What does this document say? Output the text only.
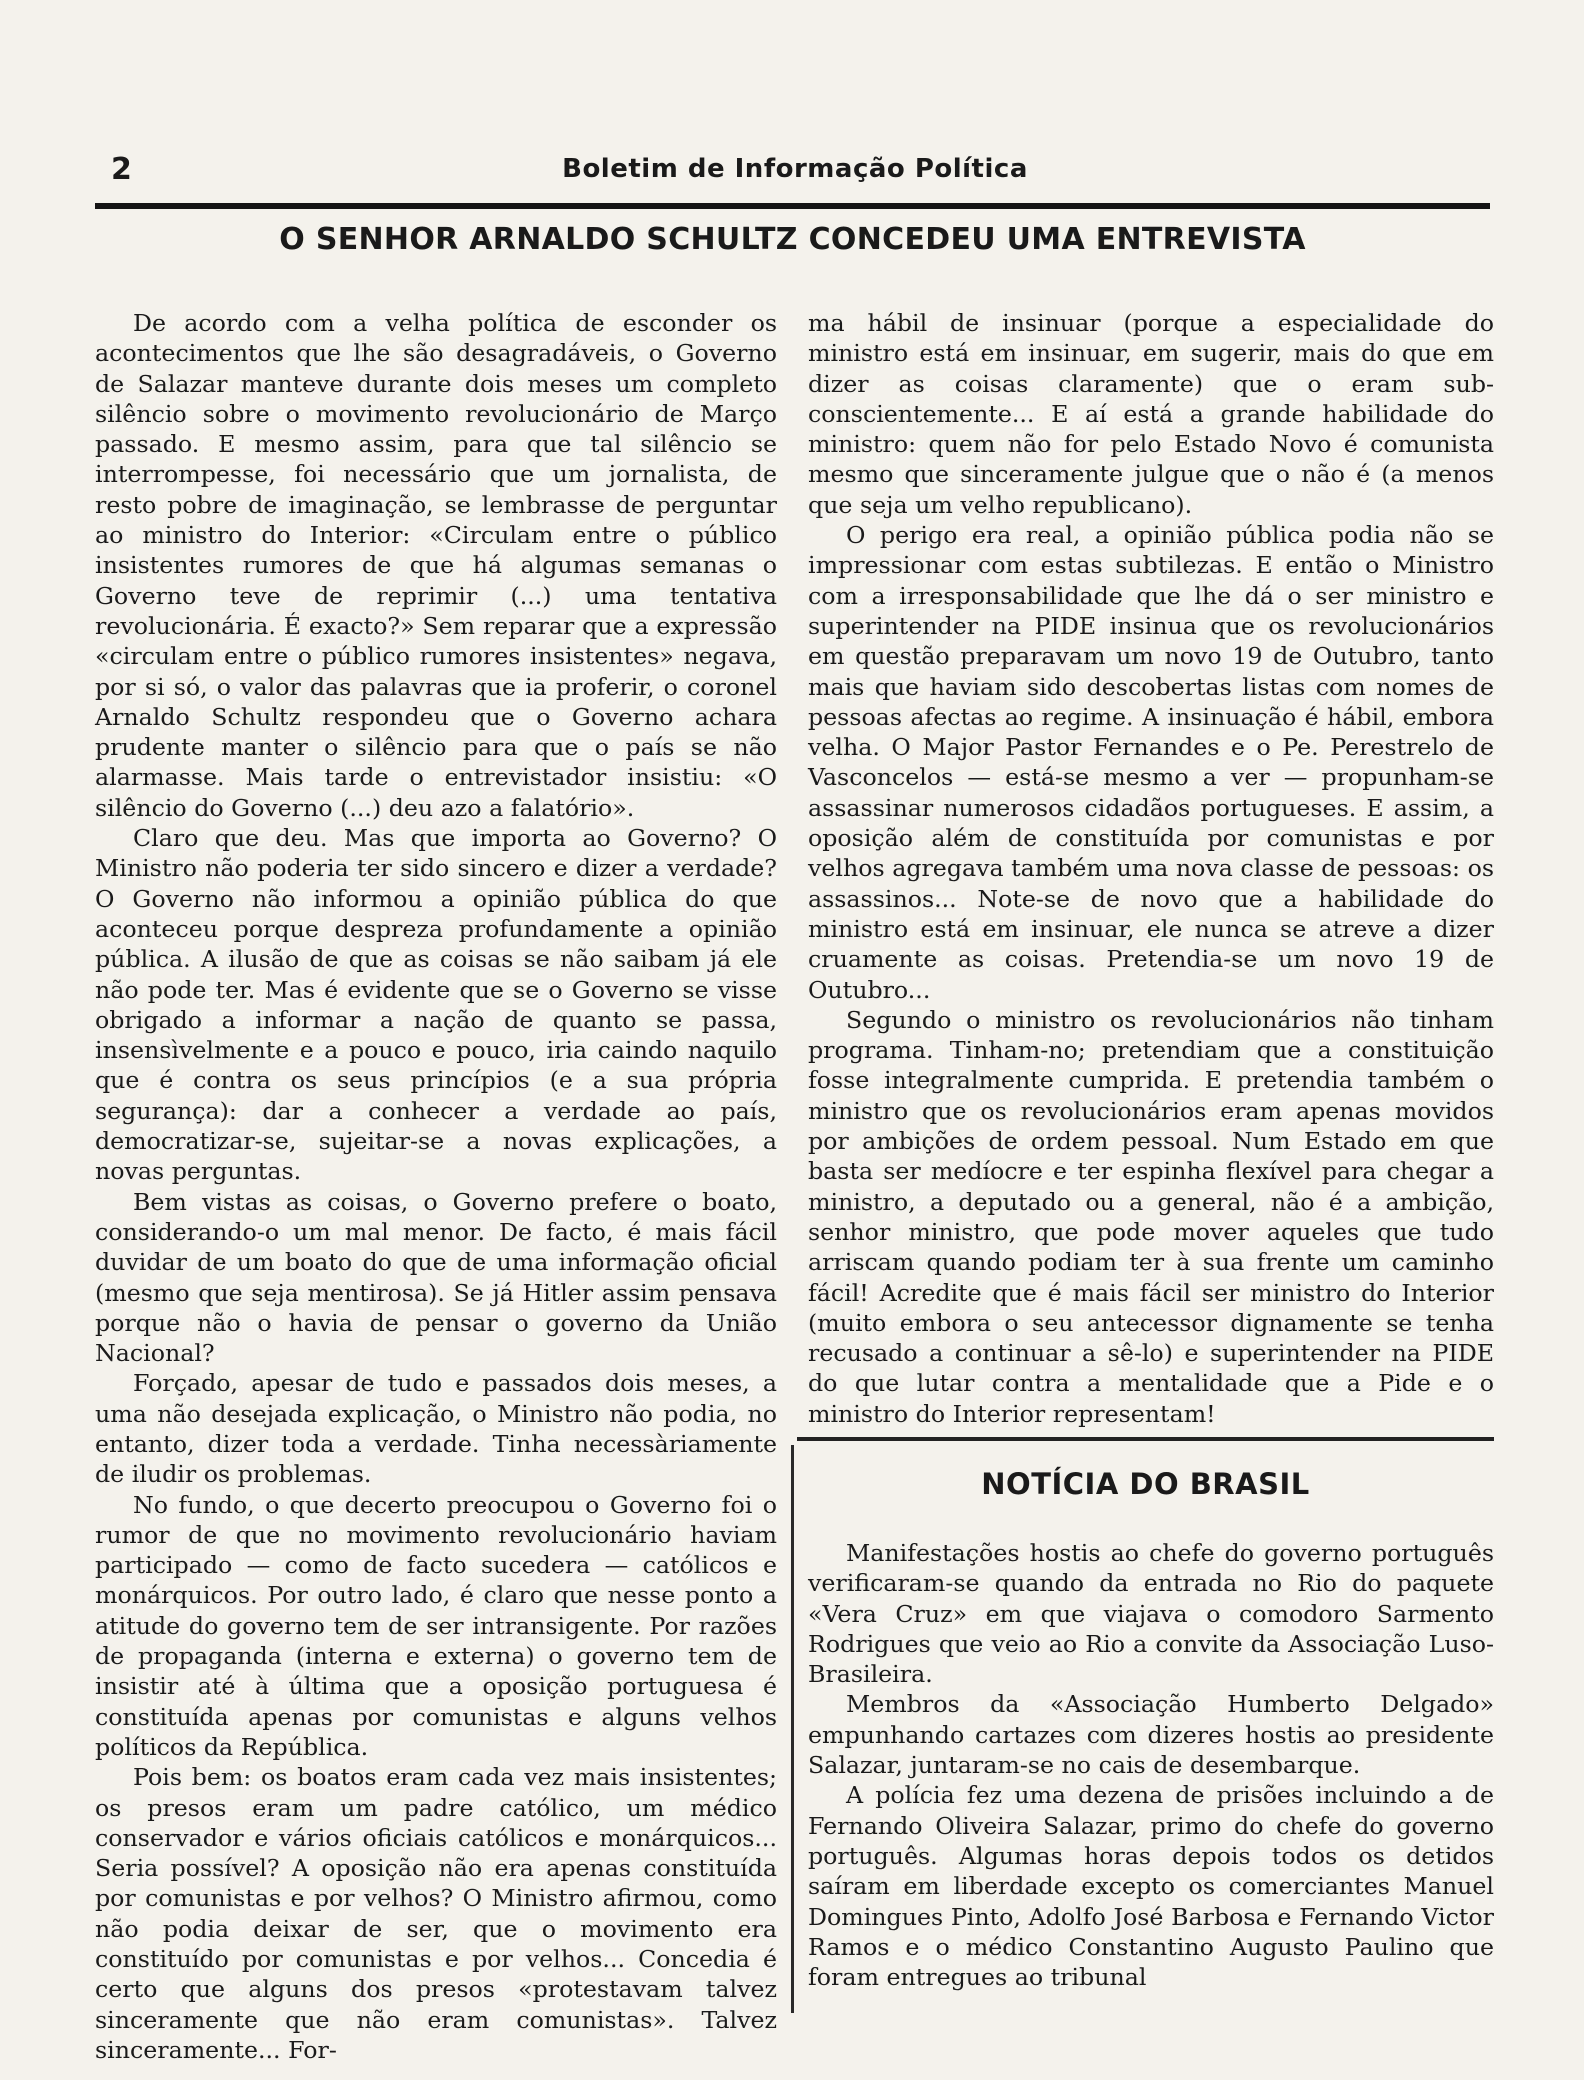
2	Boletim de Informação Política
O SENHOR ARNALDO SCHULTZ CONCEDEU UMA ENTREVISTA

De acordo com a velha política de esconder os acontecimentos que lhe são desagradáveis, o Governo de Salazar manteve durante dois meses um completo silêncio sobre o movimento revolucionário de Março passado. E mesmo assim, para que tal silêncio se interrompesse, foi necessário que um jornalista, de resto pobre de imaginação, se lembrasse de perguntar ao ministro do Interior: «Circulam entre o público insistentes rumores de que há algumas semanas o Governo teve de reprimir (...) uma tentativa revolucionária. É exacto?» Sem reparar que a expressão «circulam entre o público rumores insistentes» negava, por si só, o valor das palavras que ia proferir, o coronel Arnaldo Schultz respondeu que o Governo achara prudente manter o silêncio para que o país se não alarmasse. Mais tarde o entrevistador insistiu: «O silêncio do Governo (...) deu azo a falatório».

Claro que deu. Mas que importa ao Governo? O Ministro não poderia ter sido sincero e dizer a verdade? O Governo não informou a opinião pública do que aconteceu porque despreza profundamente a opinião pública. A ilusão de que as coisas se não saibam já ele não pode ter. Mas é evidente que se o Governo se visse obrigado a informar a nação de quanto se passa, insensìvelmente e a pouco e pouco, iria caindo naquilo que é contra os seus princípios (e a sua própria segurança): dar a conhecer a verdade ao país, democratizar-se, sujeitar-se a novas explicações, a novas perguntas.

Bem vistas as coisas, o Governo prefere o boato, considerando-o um mal menor. De facto, é mais fácil duvidar de um boato do que de uma informação oficial (mesmo que seja mentirosa). Se já Hitler assim pensava porque não o havia de pensar o governo da União Nacional?

Forçado, apesar de tudo e passados dois meses, a uma não desejada explicação, o Ministro não podia, no entanto, dizer toda a verdade. Tinha necessàriamente de iludir os problemas.

No fundo, o que decerto preocupou o Governo foi o rumor de que no movimento revolucionário haviam participado — como de facto sucedera — católicos e monárquicos. Por outro lado, é claro que nesse ponto a atitude do governo tem de ser intransigente. Por razões de propaganda (interna e externa) o governo tem de insistir até à última que a oposição portuguesa é constituída apenas por comunistas e alguns velhos políticos da República.

Pois bem: os boatos eram cada vez mais insistentes; os presos eram um padre católico, um médico conservador e vários oficiais católicos e monárquicos... Seria possível? A oposição não era apenas constituída por comunistas e por velhos? O Ministro afirmou, como não podia deixar de ser, que o movimento era constituído por comunistas e por velhos... Concedia é certo que alguns dos presos «protestavam talvez sinceramente que não eram comunistas». Talvez sinceramente... For-

ma hábil de insinuar (porque a especialidade do ministro está em insinuar, em sugerir, mais do que em dizer as coisas claramente) que o eram sub-conscientemente... E aí está a grande habilidade do ministro: quem não for pelo Estado Novo é comunista mesmo que sinceramente julgue que o não é (a menos que seja um velho republicano).

O perigo era real, a opinião pública podia não se impressionar com estas subtilezas. E então o Ministro com a irresponsabilidade que lhe dá o ser ministro e superintender na PIDE insinua que os revolucionários em questão preparavam um novo 19 de Outubro, tanto mais que haviam sido descobertas listas com nomes de pessoas afectas ao regime. A insinuação é hábil, embora velha. O Major Pastor Fernandes e o Pe. Perestrelo de Vasconcelos — está-se mesmo a ver — propunham-se assassinar numerosos cidadãos portugueses. E assim, a oposição além de constituída por comunistas e por velhos agregava também uma nova classe de pessoas: os assassinos... Note-se de novo que a habilidade do ministro está em insinuar, ele nunca se atreve a dizer cruamente as coisas. Pretendia-se um novo 19 de Outubro...

Segundo o ministro os revolucionários não tinham programa. Tinham-no; pretendiam que a constituição fosse integralmente cumprida. E pretendia também o ministro que os revolucionários eram apenas movidos por ambições de ordem pessoal. Num Estado em que basta ser medíocre e ter espinha flexível para chegar a ministro, a deputado ou a general, não é a ambição, senhor ministro, que pode mover aqueles que tudo arriscam quando podiam ter à sua frente um caminho fácil! Acredite que é mais fácil ser ministro do Interior (muito embora o seu antecessor dignamente se tenha recusado a continuar a sê-lo) e superintender na PIDE do que lutar contra a mentalidade que a Pide e o ministro do Interior representam!

NOTÍCIA DO BRASIL

Manifestações hostis ao chefe do governo português verificaram-se quando da entrada no Rio do paquete «Vera Cruz» em que viajava o comodoro Sarmento Rodrigues que veio ao Rio a convite da Associação Luso-Brasileira.

Membros da «Associação Humberto Delgado» empunhando cartazes com dizeres hostis ao presidente Salazar, juntaram-se no cais de desembarque.

A polícia fez uma dezena de prisões incluindo a de Fernando Oliveira Salazar, primo do chefe do governo português. Algumas horas depois todos os detidos saíram em liberdade excepto os comerciantes Manuel Domingues Pinto, Adolfo José Barbosa e Fernando Victor Ramos e o médico Constantino Augusto Paulino que foram entregues ao tribunal
